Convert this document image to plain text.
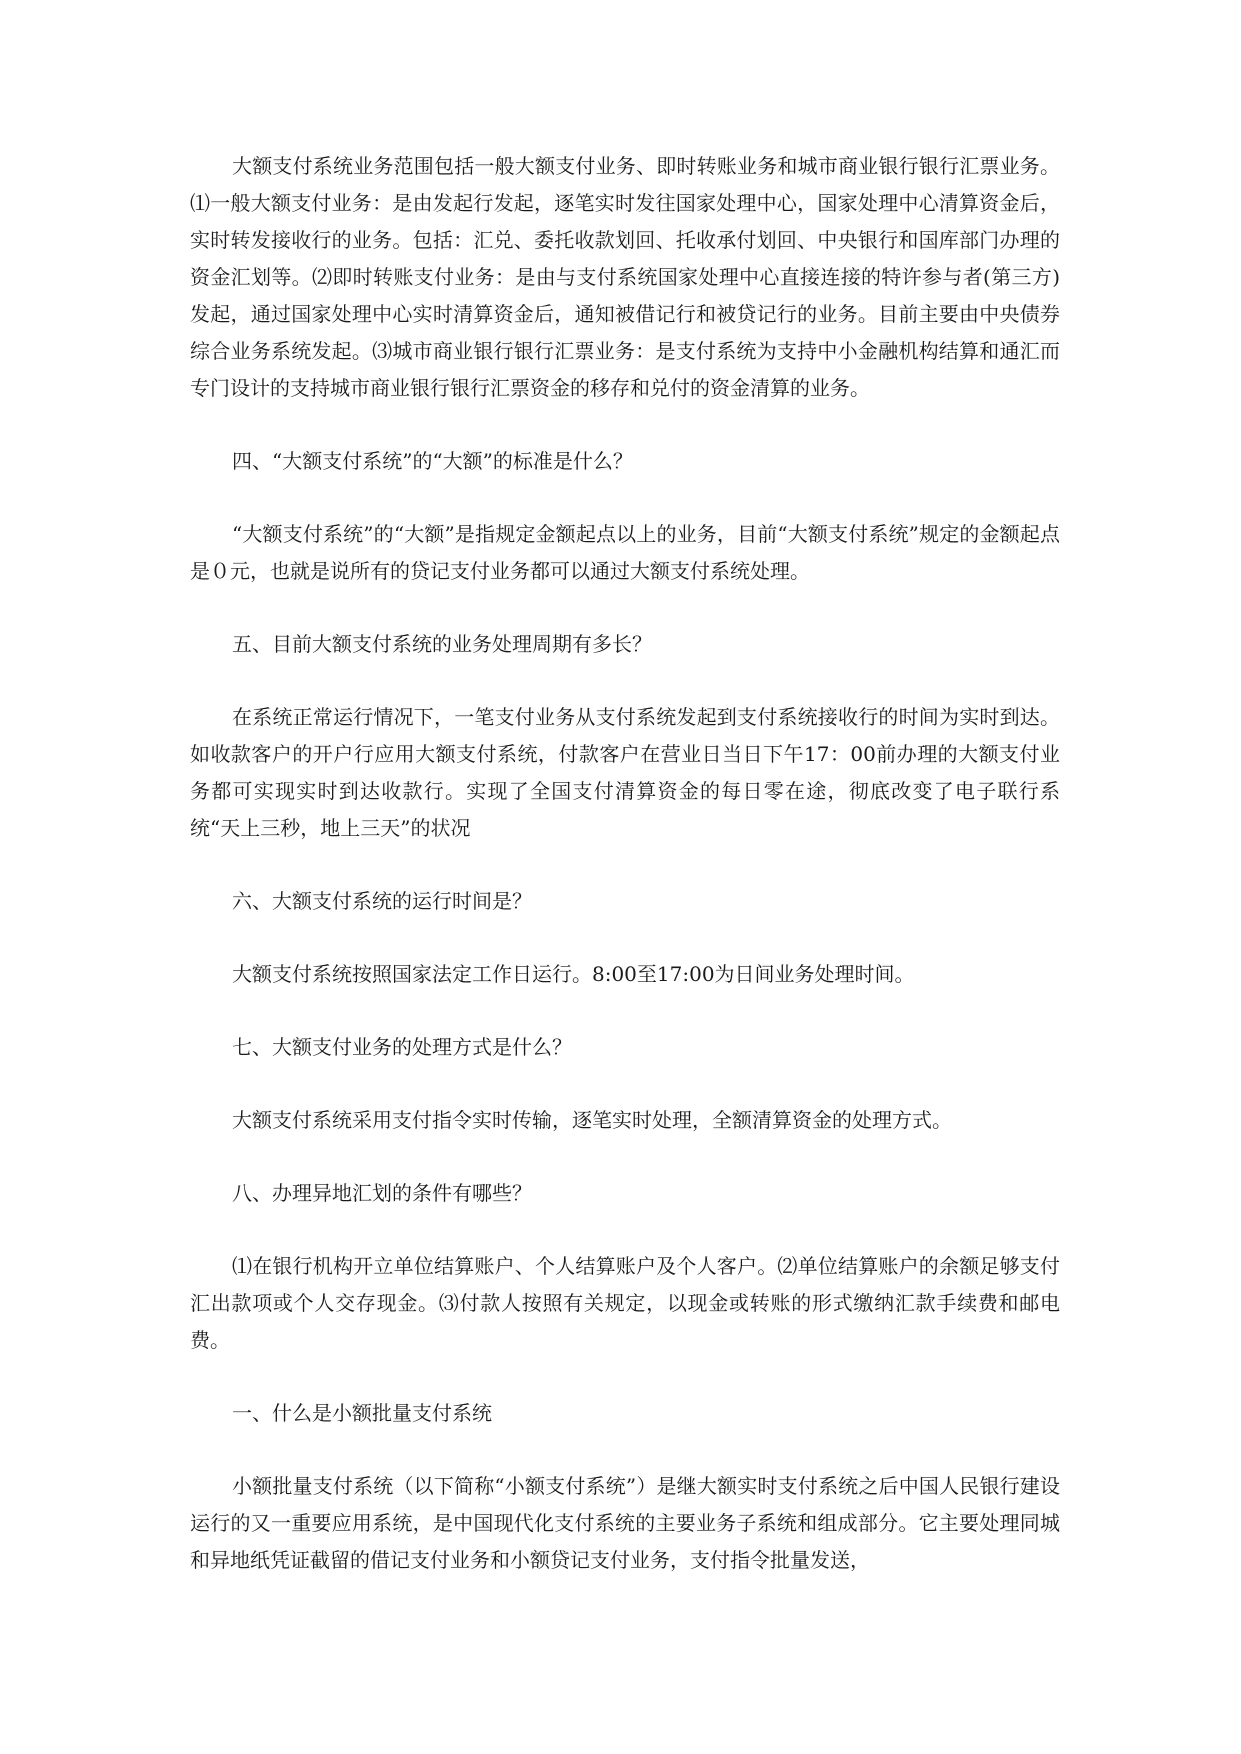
大额支付系统业务范围包括一般大额支付业务、即时转账业务和城市商业银行银行汇票业务。⑴一般大额支付业务：是由发起行发起，逐笔实时发往国家处理中心，国家处理中心清算资金后，实时转发接收行的业务。包括：汇兑、委托收款划回、托收承付划回、中央银行和国库部门办理的资金汇划等。⑵即时转账支付业务：是由与支付系统国家处理中心直接连接的特许参与者(第三方)发起，通过国家处理中心实时清算资金后，通知被借记行和被贷记行的业务。目前主要由中央债券综合业务系统发起。⑶城市商业银行银行汇票业务：是支付系统为支持中小金融机构结算和通汇而专门设计的支持城市商业银行银行汇票资金的移存和兑付的资金清算的业务。

四、“大额支付系统”的“大额”的标准是什么？

“大额支付系统”的“大额”是指规定金额起点以上的业务，目前“大额支付系统”规定的金额起点是０元，也就是说所有的贷记支付业务都可以通过大额支付系统处理。

五、目前大额支付系统的业务处理周期有多长？

在系统正常运行情况下，一笔支付业务从支付系统发起到支付系统接收行的时间为实时到达。如收款客户的开户行应用大额支付系统，付款客户在营业日当日下午17：00前办理的大额支付业务都可实现实时到达收款行。实现了全国支付清算资金的每日零在途，彻底改变了电子联行系统“天上三秒，地上三天”的状况

六、大额支付系统的运行时间是？

大额支付系统按照国家法定工作日运行。8:00至17:00为日间业务处理时间。

七、大额支付业务的处理方式是什么？

大额支付系统采用支付指令实时传输，逐笔实时处理，全额清算资金的处理方式。

八、办理异地汇划的条件有哪些？

⑴在银行机构开立单位结算账户、个人结算账户及个人客户。⑵单位结算账户的余额足够支付汇出款项或个人交存现金。⑶付款人按照有关规定，以现金或转账的形式缴纳汇款手续费和邮电费。

一、什么是小额批量支付系统

小额批量支付系统（以下简称“小额支付系统”）是继大额实时支付系统之后中国人民银行建设运行的又一重要应用系统，是中国现代化支付系统的主要业务子系统和组成部分。它主要处理同城和异地纸凭证截留的借记支付业务和小额贷记支付业务，支付指令批量发送，
